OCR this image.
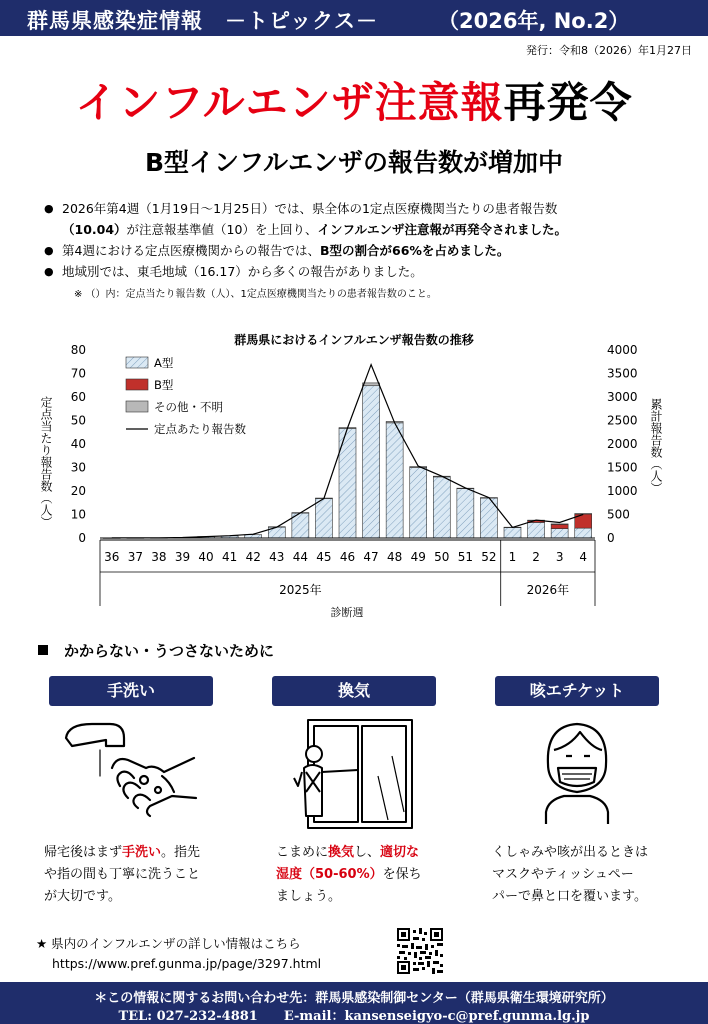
群馬県感染症情報　－トピックス－	（2026年, No.2）
発行：令和8（2026）年1月27日
インフルエンザ注意報再発令
B型インフルエンザの報告数が増加中
● 2026年第4週（1月19日～1月25日）では、県全体の1定点医療機関当たりの患者報告数
（10.04）が注意報基準値（10）を上回り、インフルエンザ注意報が再発令されました。
● 第4週における定点医療機関からの報告では、B型の割合が66%を占めました。
● 地域別では、東毛地域（16.17）から多くの報告がありました。
※ （）内：定点当たり報告数（人）、1定点医療機関当たりの患者報告数のこと。
群馬県におけるインフルエンザ報告数の推移
0
10
20
30
40
50
60
70
80
0
500
1000
1500
2000
2500
3000
3500
4000
定点当たり報告数（人）	累計報告数（人）
36 37 38 39 40 41 42 43 44 45 46 47 48 49 50 51 52 1 2 3 4
2025年	2026年
診断週
A型
B型
その他・不明
定点あたり報告数
かからない・うつさないために
手洗い	換気	咳エチケット
帰宅後はまず手洗い。指先
や指の間も丁寧に洗うこと
が大切です。
こまめに換気し、適切な
湿度（50-60%）を保ち
ましょう。
くしゃみや咳が出るときは
マスクやティッシュペー
パーで鼻と口を覆います。
★ 県内のインフルエンザの詳しい情報はこちら
https://www.pref.gunma.jp/page/3297.html
＊この情報に関するお問い合わせ先：群馬県感染制御センター（群馬県衛生環境研究所）
TEL: 027-232-4881　　E-mail：kansenseigyo-c@pref.gunma.lg.jp
